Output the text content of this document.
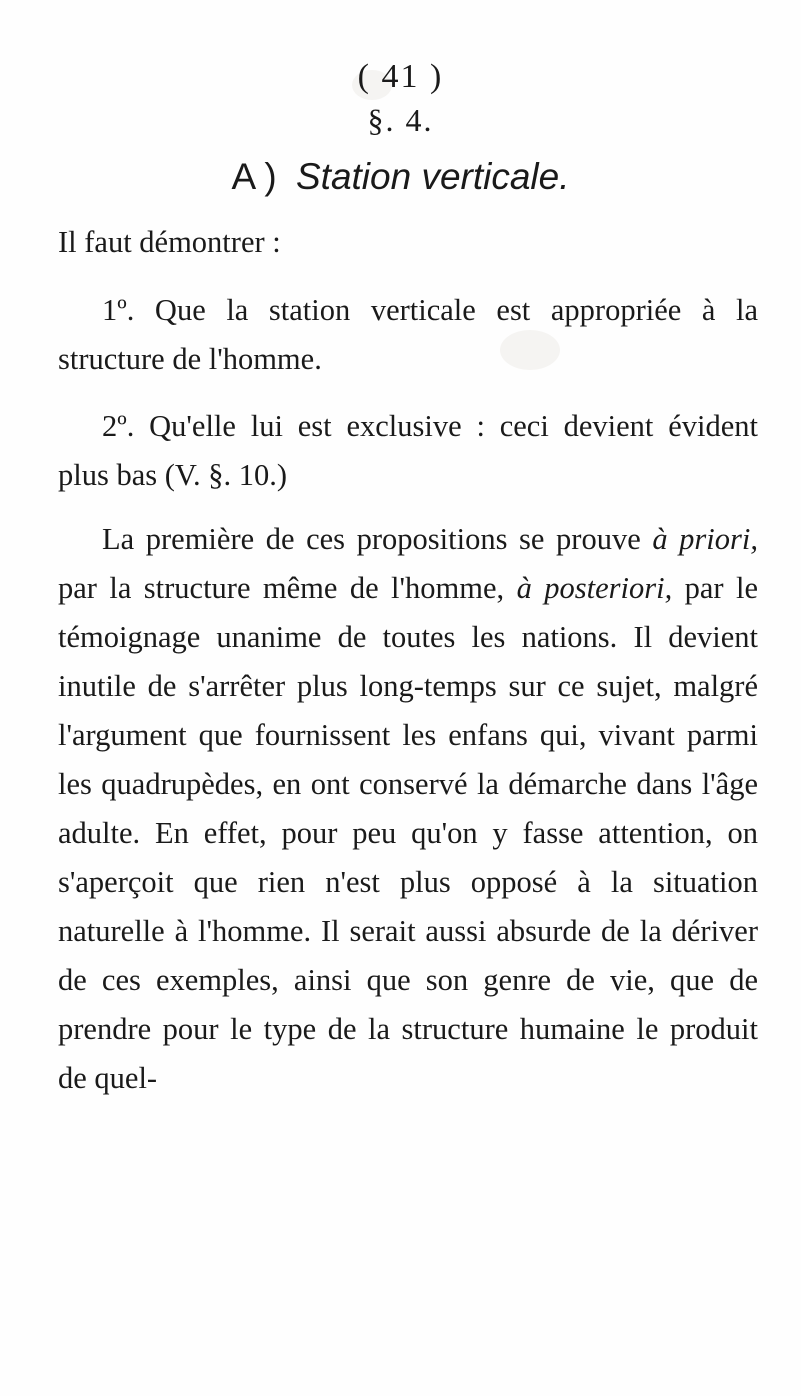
( 41 )
§. 4.
A ) Station verticale.

Il faut démontrer :

1º. Que la station verticale est appropriée à la structure de l'homme.

2º. Qu'elle lui est exclusive : ceci devient évident plus bas (V. §. 10.)

La première de ces propositions se prouve à priori, par la structure même de l'homme, à posteriori, par le témoignage unanime de toutes les nations. Il devient inutile de s'arrêter plus long-temps sur ce sujet, malgré l'argument que fournissent les enfans qui, vivant parmi les quadrupèdes, en ont conservé la démarche dans l'âge adulte. En effet, pour peu qu'on y fasse attention, on s'aperçoit que rien n'est plus opposé à la situation naturelle à l'homme. Il serait aussi absurde de la dériver de ces exemples, ainsi que son genre de vie, que de prendre pour le type de la structure humaine le produit de quel-
